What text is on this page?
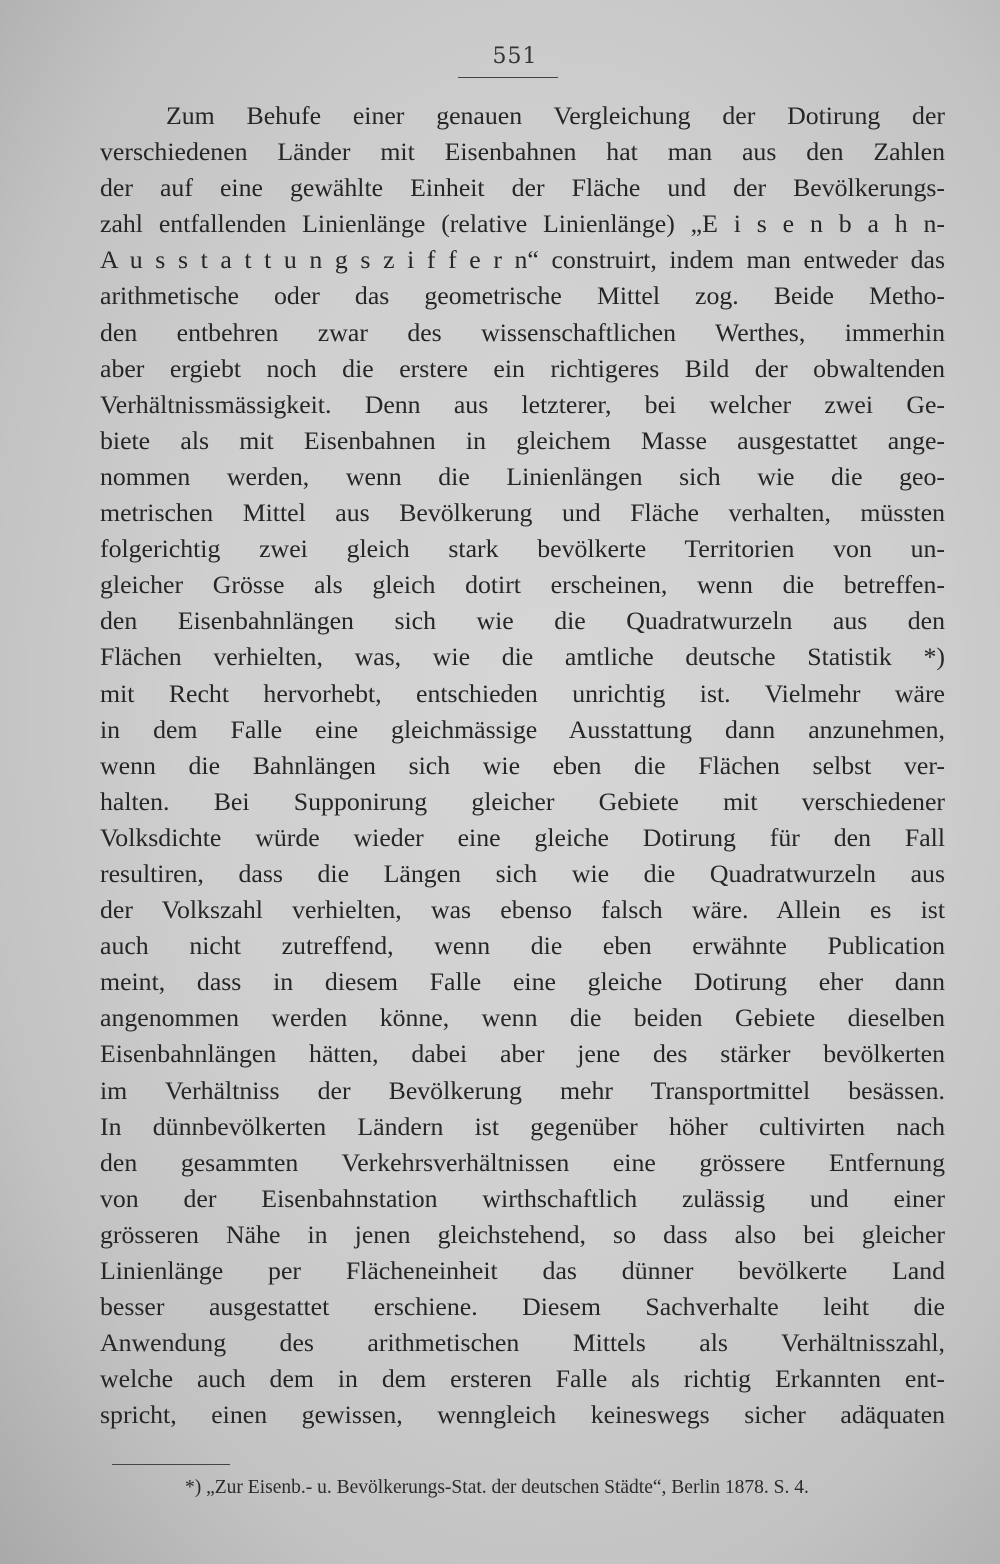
551
Zum Behufe einer genauen Vergleichung der Dotirung der
verschiedenen Länder mit Eisenbahnen hat man aus den Zahlen
der auf eine gewählte Einheit der Fläche und der Bevölkerungs-
zahl entfallenden Linienlänge (relative Linienlänge) „E i s e n b a h n-
A u s s t a t t u n g s z i f f e r n“ construirt, indem man entweder das
arithmetische oder das geometrische Mittel zog. Beide Metho-
den entbehren zwar des wissenschaftlichen Werthes, immerhin
aber ergiebt noch die erstere ein richtigeres Bild der obwaltenden
Verhältnissmässigkeit. Denn aus letzterer, bei welcher zwei Ge-
biete als mit Eisenbahnen in gleichem Masse ausgestattet ange-
nommen werden, wenn die Linienlängen sich wie die geo-
metrischen Mittel aus Bevölkerung und Fläche verhalten, müssten
folgerichtig zwei gleich stark bevölkerte Territorien von un-
gleicher Grösse als gleich dotirt erscheinen, wenn die betreffen-
den Eisenbahnlängen sich wie die Quadratwurzeln aus den
Flächen verhielten, was, wie die amtliche deutsche Statistik *)
mit Recht hervorhebt, entschieden unrichtig ist. Vielmehr wäre
in dem Falle eine gleichmässige Ausstattung dann anzunehmen,
wenn die Bahnlängen sich wie eben die Flächen selbst ver-
halten. Bei Supponirung gleicher Gebiete mit verschiedener
Volksdichte würde wieder eine gleiche Dotirung für den Fall
resultiren, dass die Längen sich wie die Quadratwurzeln aus
der Volkszahl verhielten, was ebenso falsch wäre. Allein es ist
auch nicht zutreffend, wenn die eben erwähnte Publication
meint, dass in diesem Falle eine gleiche Dotirung eher dann
angenommen werden könne, wenn die beiden Gebiete dieselben
Eisenbahnlängen hätten, dabei aber jene des stärker bevölkerten
im Verhältniss der Bevölkerung mehr Transportmittel besässen.
In dünnbevölkerten Ländern ist gegenüber höher cultivirten nach
den gesammten Verkehrsverhältnissen eine grössere Entfernung
von der Eisenbahnstation wirthschaftlich zulässig und einer
grösseren Nähe in jenen gleichstehend, so dass also bei gleicher
Linienlänge per Flächeneinheit das dünner bevölkerte Land
besser ausgestattet erschiene. Diesem Sachverhalte leiht die
Anwendung des arithmetischen Mittels als Verhältnisszahl,
welche auch dem in dem ersteren Falle als richtig Erkannten ent-
spricht, einen gewissen, wenngleich keineswegs sicher adäquaten
*) „Zur Eisenb.- u. Bevölkerungs-Stat. der deutschen Städte“, Berlin 1878. S. 4.
